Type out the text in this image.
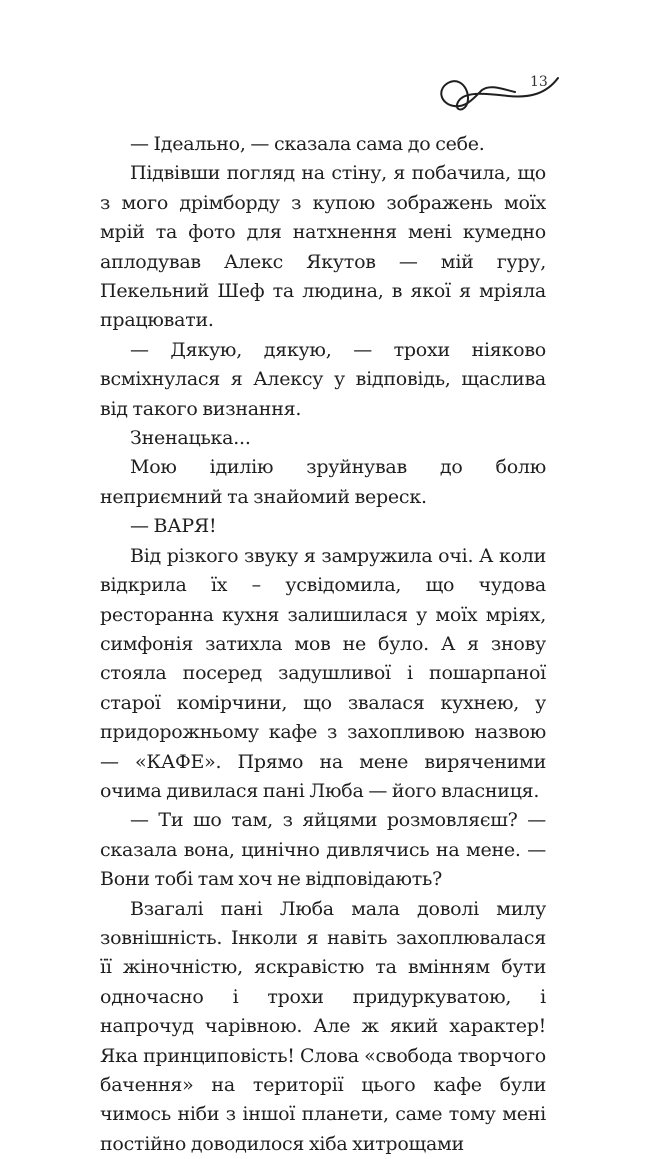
13

— Ідеально, — сказала сама до себе.

Підвівши погляд на стіну, я побачила, що з мого дрімборду з купою зображень моїх мрій та фото для натхнення мені кумедно аплодував Алекс Якутов — мій гуру, Пекельний Шеф та людина, в якої я мріяла працювати.

— Дякую, дякую, — трохи ніяково всміхнулася я Алексу у відповідь, щаслива від такого визнання.

Зненацька...

Мою ідилію зруйнував до болю неприємний та знайомий вереск.

— ВАРЯ!

Від різкого звуку я замружила очі. А коли відкрила їх – усвідомила, що чудова ресторанна кухня залишилася у моїх мріях, симфонія затихла мов не було. А я знову стояла посеред задушливої і пошарпаної старої комірчини, що звалася кухнею, у придорожньому кафе з захопливою назвою — «КАФЕ». Прямо на мене виряченими очима дивилася пані Люба — його власниця.

— Ти шо там, з яйцями розмовляєш? — сказала вона, цинічно дивлячись на мене. — Вони тобі там хоч не відповідають?

Взагалі пані Люба мала доволі милу зовнішність. Інколи я навіть захоплювалася її жіночністю, яскравістю та вмінням бути одночасно і трохи придуркуватою, і напрочуд чарівною. Але ж який характер! Яка принциповість! Слова «свобода творчого бачення» на території цього кафе були чимось ніби з іншої планети, саме тому мені постійно доводилося хіба хитрощами
